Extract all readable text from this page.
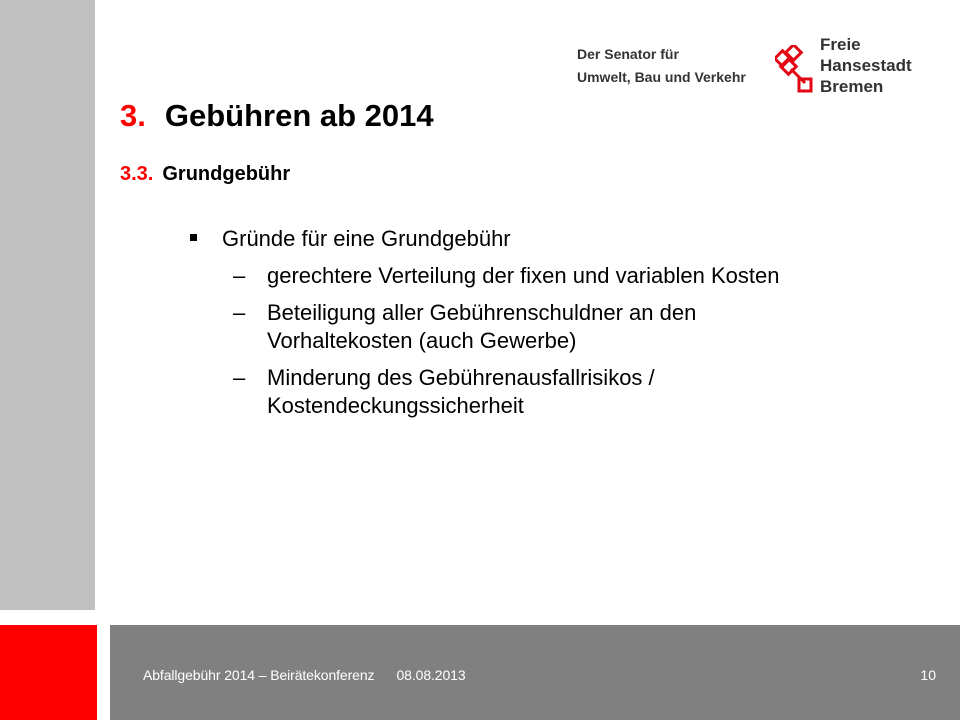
Der Senator für
Umwelt, Bau und Verkehr
Freie
Hansestadt
Bremen
3. Gebühren ab 2014
3.3. Grundgebühr
Gründe für eine Grundgebühr
– gerechtere Verteilung der fixen und variablen Kosten
– Beteiligung aller Gebührenschuldner an den
Vorhaltekosten (auch Gewerbe)
– Minderung des Gebührenausfallrisikos /
Kostendeckungssicherheit
Abfallgebühr 2014 – Beirätekonferenz 08.08.2013	10
